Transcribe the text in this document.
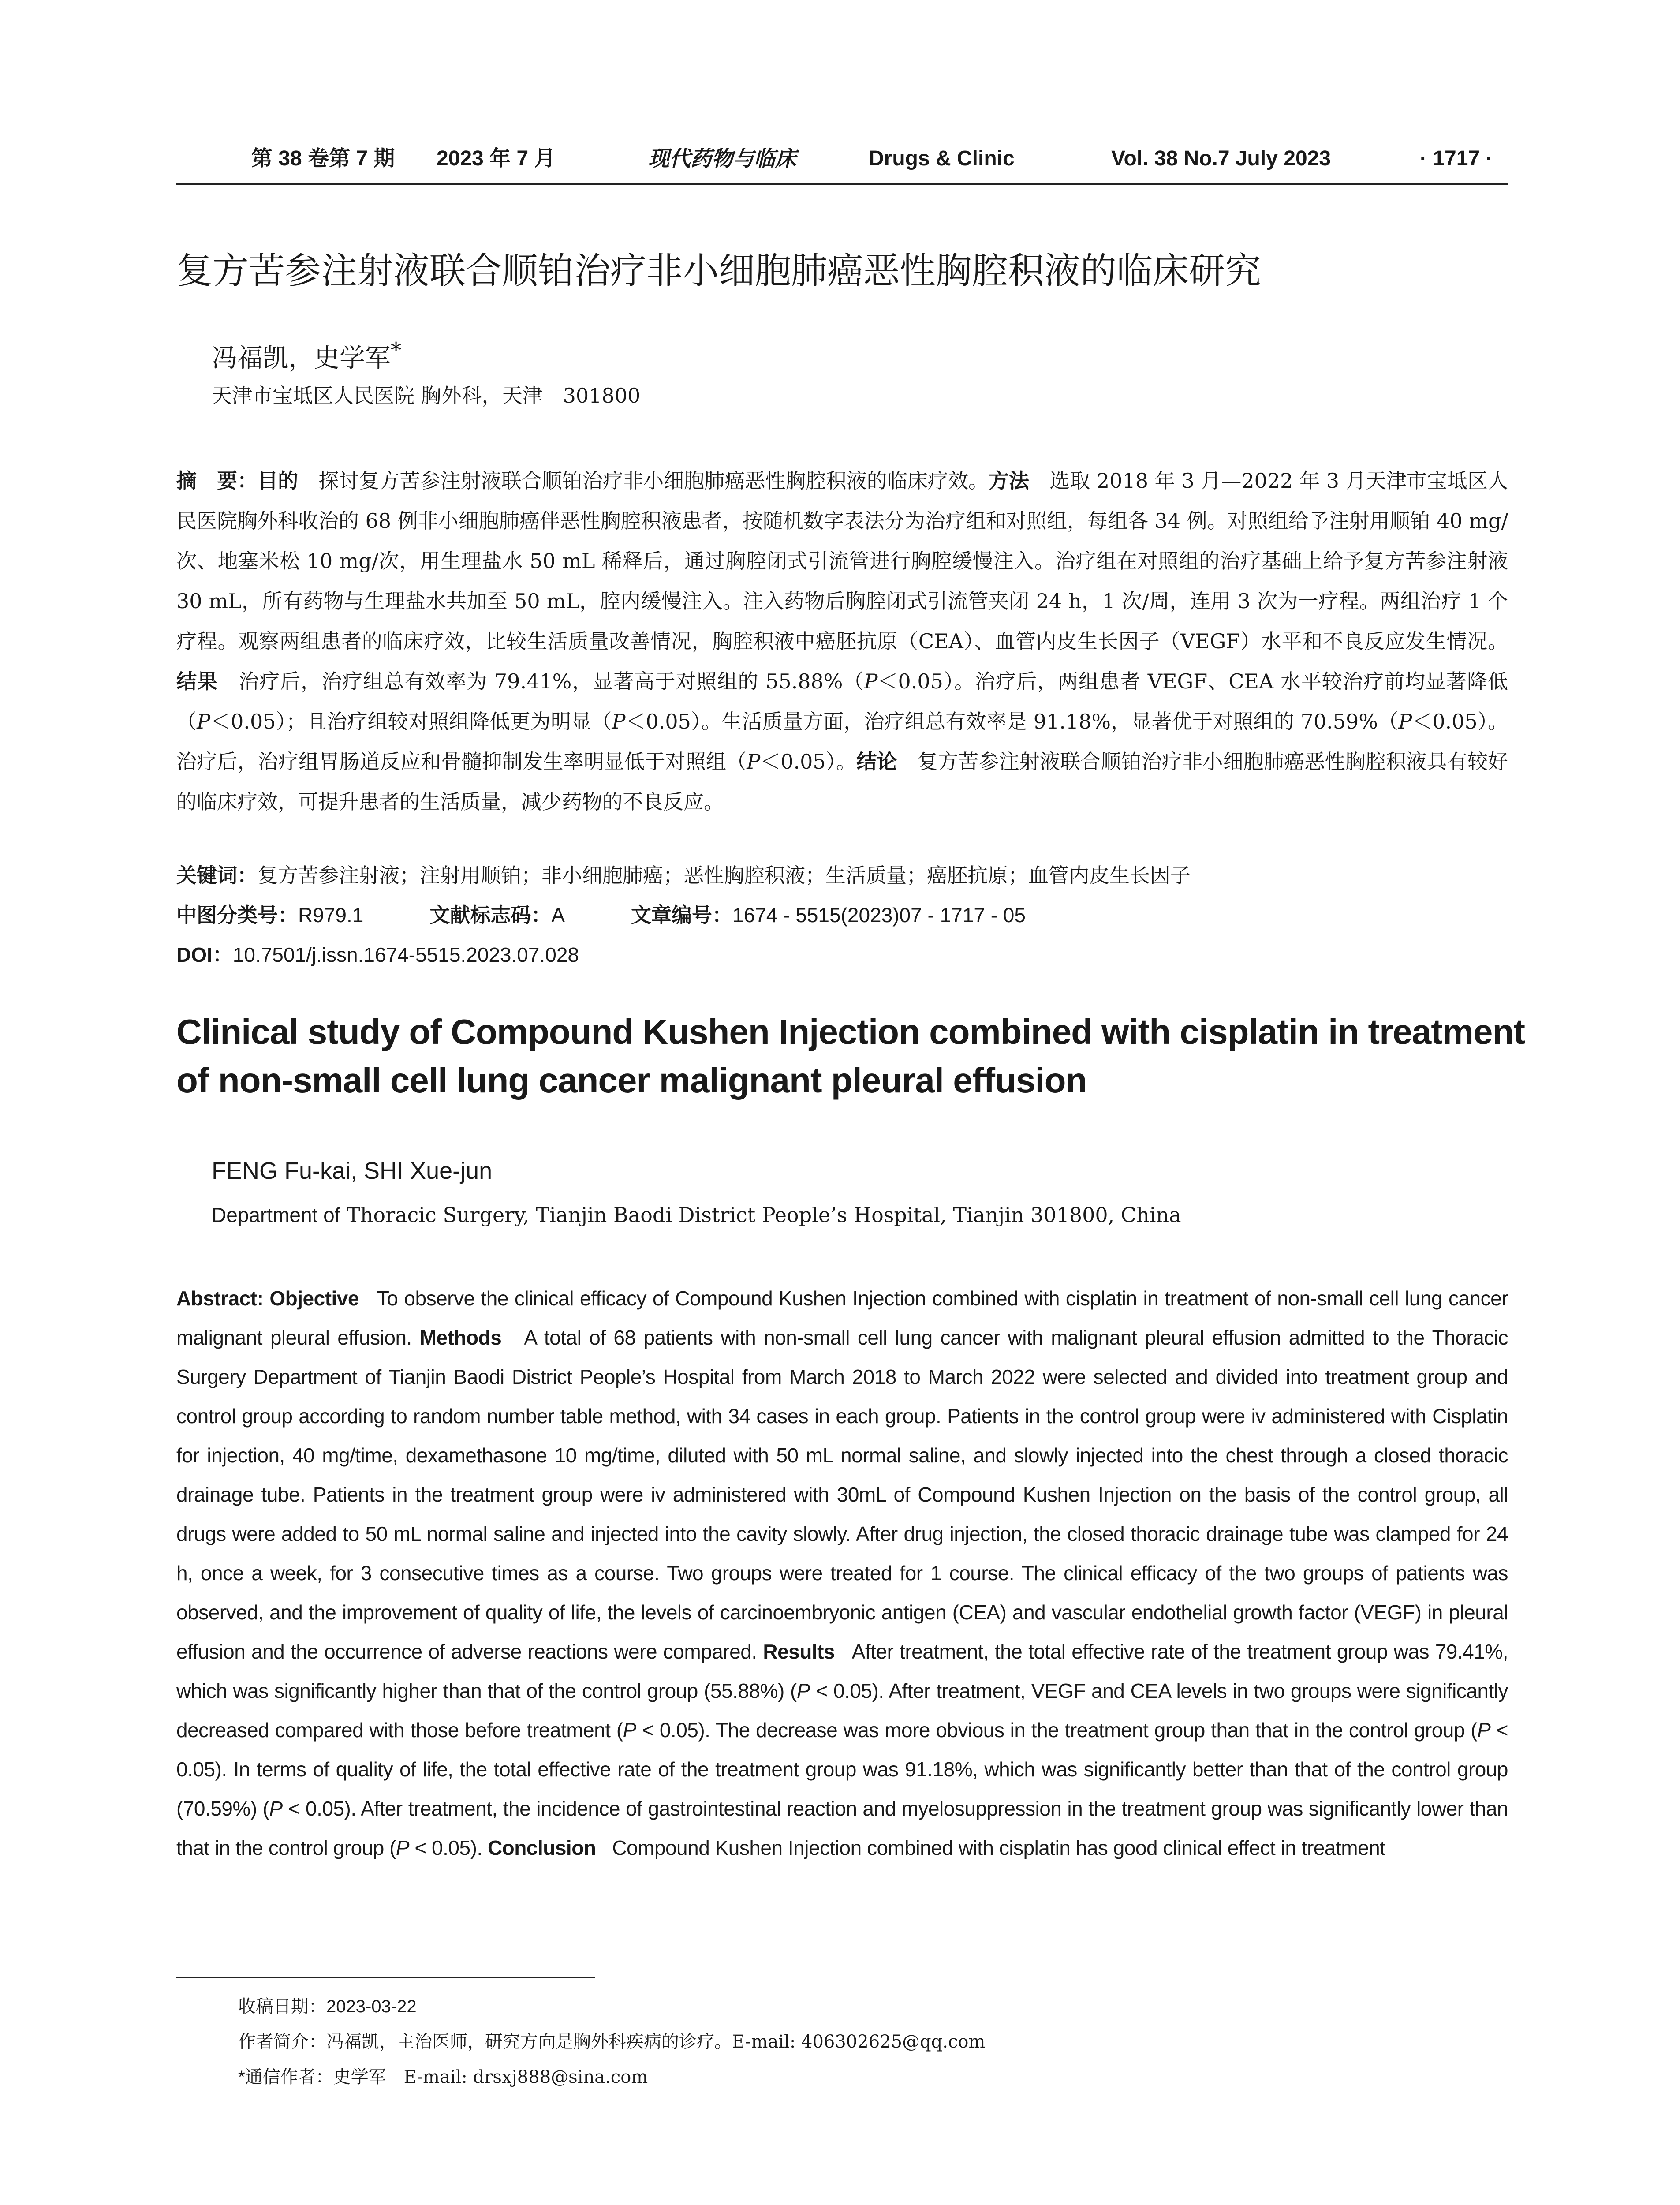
第 38 卷第 7 期 2023 年 7 月	现代药物与临床	Drugs & Clinic	Vol. 38 No.7 July 2023	· 1717 ·
复方苦参注射液联合顺铂治疗非小细胞肺癌恶性胸腔积液的临床研究
冯福凯，史学军*
天津市宝坻区人民医院 胸外科，天津　301800
摘　要：目的　 探讨复方苦参注射液联合顺铂治疗非小细胞肺癌恶性胸腔积液的临床疗效。方法　 选取 2018 年 3 月—2022 年 3 月天津市宝坻区人民医院胸外科收治的 68 例非小细胞肺癌伴恶性胸腔积液患者，按随机数字表法分为治疗组和对照组，每组各 34 例。对照组给予注射用顺铂 40 mg/次、地塞米松 10 mg/次，用生理盐水 50 mL 稀释后，通过胸腔闭式引流管进行胸腔缓慢注入。治疗组在对照组的治疗基础上给予复方苦参注射液 30 mL，所有药物与生理盐水共加至 50 mL，腔内缓慢注入。注入药物后胸腔闭式引流管夹闭 24 h，1 次/周，连用 3 次为一疗程。两组治疗 1 个疗程。观察两组患者的临床疗效，比较生活质量改善情况，胸腔积液中癌胚抗原（CEA）、血管内皮生长因子（VEGF）水平和不良反应发生情况。结果　 治疗后，治疗组总有效率为 79.41%，显著高于对照组的 55.88%（P＜0.05）。治疗后，两组患者 VEGF、CEA 水平较治疗前均显著降低（P＜0.05）；且治疗组较对照组降低更为明显（P＜0.05）。生活质量方面，治疗组总有效率是 91.18%，显著优于对照组的 70.59%（P＜0.05）。治疗后，治疗组胃肠道反应和骨髓抑制发生率明显低于对照组（P＜0.05）。结论　 复方苦参注射液联合顺铂治疗非小细胞肺癌恶性胸腔积液具有较好的临床疗效，可提升患者的生活质量，减少药物的不良反应。
关键词：复方苦参注射液；注射用顺铂；非小细胞肺癌；恶性胸腔积液；生活质量；癌胚抗原；血管内皮生长因子
中图分类号：R979.1	文献标志码：A	文章编号：1674 - 5515(2023)07 - 1717 - 05
DOI：10.7501/j.issn.1674-5515.2023.07.028
Clinical study of Compound Kushen Injection combined with cisplatin in treatment of non-small cell lung cancer malignant pleural effusion
FENG Fu-kai, SHI Xue-jun
Department of Thoracic Surgery, Tianjin Baodi District People’s Hospital, Tianjin 301800, China
Abstract: Objective To observe the clinical efficacy of Compound Kushen Injection combined with cisplatin in treatment of non-small cell lung cancer malignant pleural effusion. Methods A total of 68 patients with non-small cell lung cancer with malignant pleural effusion admitted to the Thoracic Surgery Department of Tianjin Baodi District People’s Hospital from March 2018 to March 2022 were selected and divided into treatment group and control group according to random number table method, with 34 cases in each group. Patients in the control group were iv administered with Cisplatin for injection, 40 mg/time, dexamethasone 10 mg/time, diluted with 50 mL normal saline, and slowly injected into the chest through a closed thoracic drainage tube. Patients in the treatment group were iv administered with 30mL of Compound Kushen Injection on the basis of the control group, all drugs were added to 50 mL normal saline and injected into the cavity slowly. After drug injection, the closed thoracic drainage tube was clamped for 24 h, once a week, for 3 consecutive times as a course. Two groups were treated for 1 course. The clinical efficacy of the two groups of patients was observed, and the improvement of quality of life, the levels of carcinoembryonic antigen (CEA) and vascular endothelial growth factor (VEGF) in pleural effusion and the occurrence of adverse reactions were compared. Results After treatment, the total effective rate of the treatment group was 79.41%, which was significantly higher than that of the control group (55.88%) (P < 0.05). After treatment, VEGF and CEA levels in two groups were significantly decreased compared with those before treatment (P < 0.05). The decrease was more obvious in the treatment group than that in the control group (P < 0.05). In terms of quality of life, the total effective rate of the treatment group was 91.18%, which was significantly better than that of the control group (70.59%) (P < 0.05). After treatment, the incidence of gastrointestinal reaction and myelosuppression in the treatment group was significantly lower than that in the control group (P < 0.05). Conclusion Compound Kushen Injection combined with cisplatin has good clinical effect in treatment
收稿日期：2023-03-22
作者简介：冯福凯，主治医师，研究方向是胸外科疾病的诊疗。E-mail: 406302625@qq.com
*通信作者：史学军　E-mail: drsxj888@sina.com
